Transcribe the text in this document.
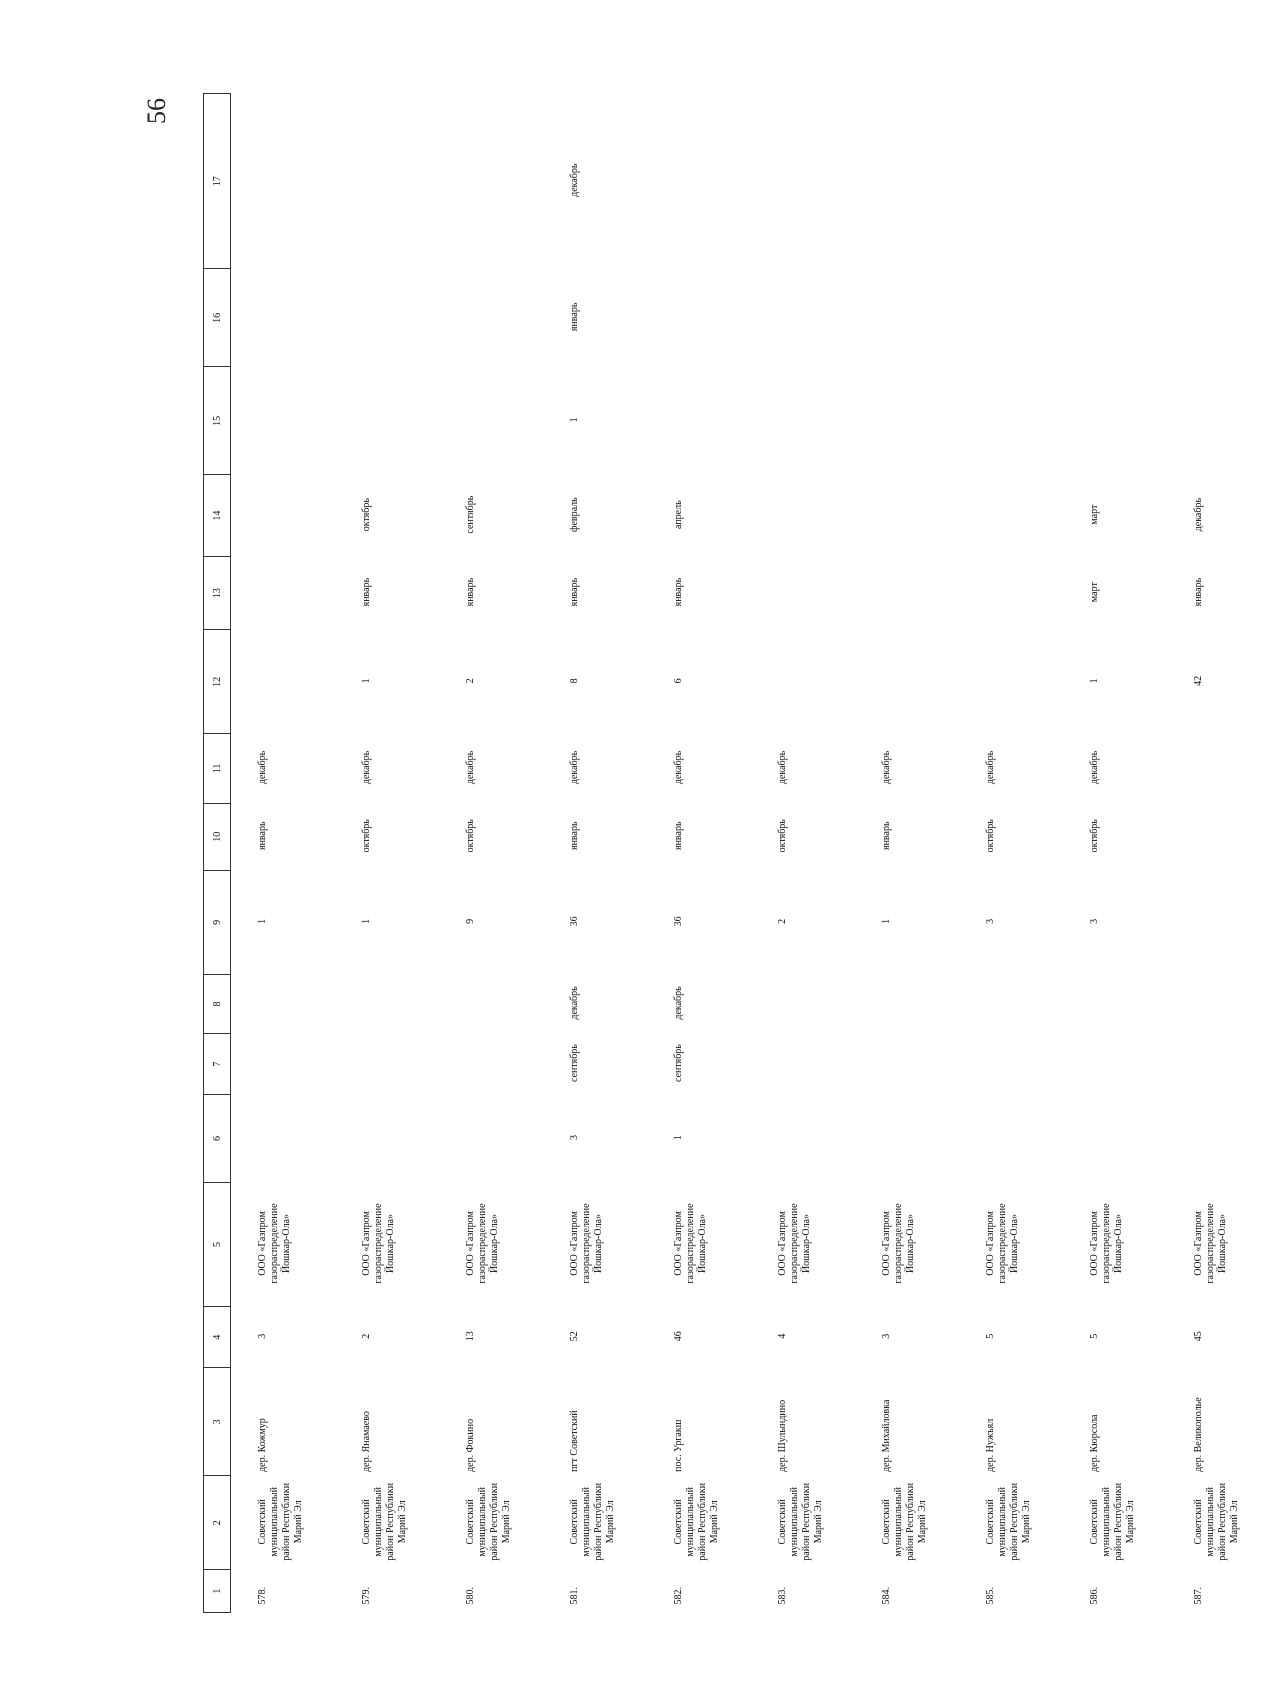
56
1	2	3	4	5	6	7	8	9	10	11	12	13	14	15	16	17
578.	Советский муниципальный район Республики Марий Эл	дер. Кожмур	3	ООО «Газпром газораспределение Йошкар-Ола»				1	январь	декабрь						
579.	Советский муниципальный район Республики Марий Эл	дер. Янамаево	2	ООО «Газпром газораспределение Йошкар-Ола»				1	октябрь	декабрь	1	январь	октябрь			
580.	Советский муниципальный район Республики Марий Эл	дер. Фокино	13	ООО «Газпром газораспределение Йошкар-Ола»				9	октябрь	декабрь	2	январь	сентябрь			
581.	Советский муниципальный район Республики Марий Эл	пгт Советский	52	ООО «Газпром газораспределение Йошкар-Ола»	3	сентябрь	декабрь	36	январь	декабрь	8	январь	февраль	1	январь	декабрь
582.	Советский муниципальный район Республики Марий Эл	пос. Ургакш	46	ООО «Газпром газораспределение Йошкар-Ола»	1	сентябрь	декабрь	36	январь	декабрь	6	январь	апрель			
583.	Советский муниципальный район Республики Марий Эл	дер. Шулындино	4	ООО «Газпром газораспределение Йошкар-Ола»				2	октябрь	декабрь						
584.	Советский муниципальный район Республики Марий Эл	дер. Михайловка	3	ООО «Газпром газораспределение Йошкар-Ола»				1	январь	декабрь						
585.	Советский муниципальный район Республики Марий Эл	дер. Нужъял	5	ООО «Газпром газораспределение Йошкар-Ола»				3	октябрь	декабрь						
586.	Советский муниципальный район Республики Марий Эл	дер. Кюрсола	5	ООО «Газпром газораспределение Йошкар-Ола»				3	октябрь	декабрь	1	март	март			
587.	Советский муниципальный район Республики Марий Эл	дер. Великополье	45	ООО «Газпром газораспределение Йошкар-Ола»							42	январь	декабрь			
